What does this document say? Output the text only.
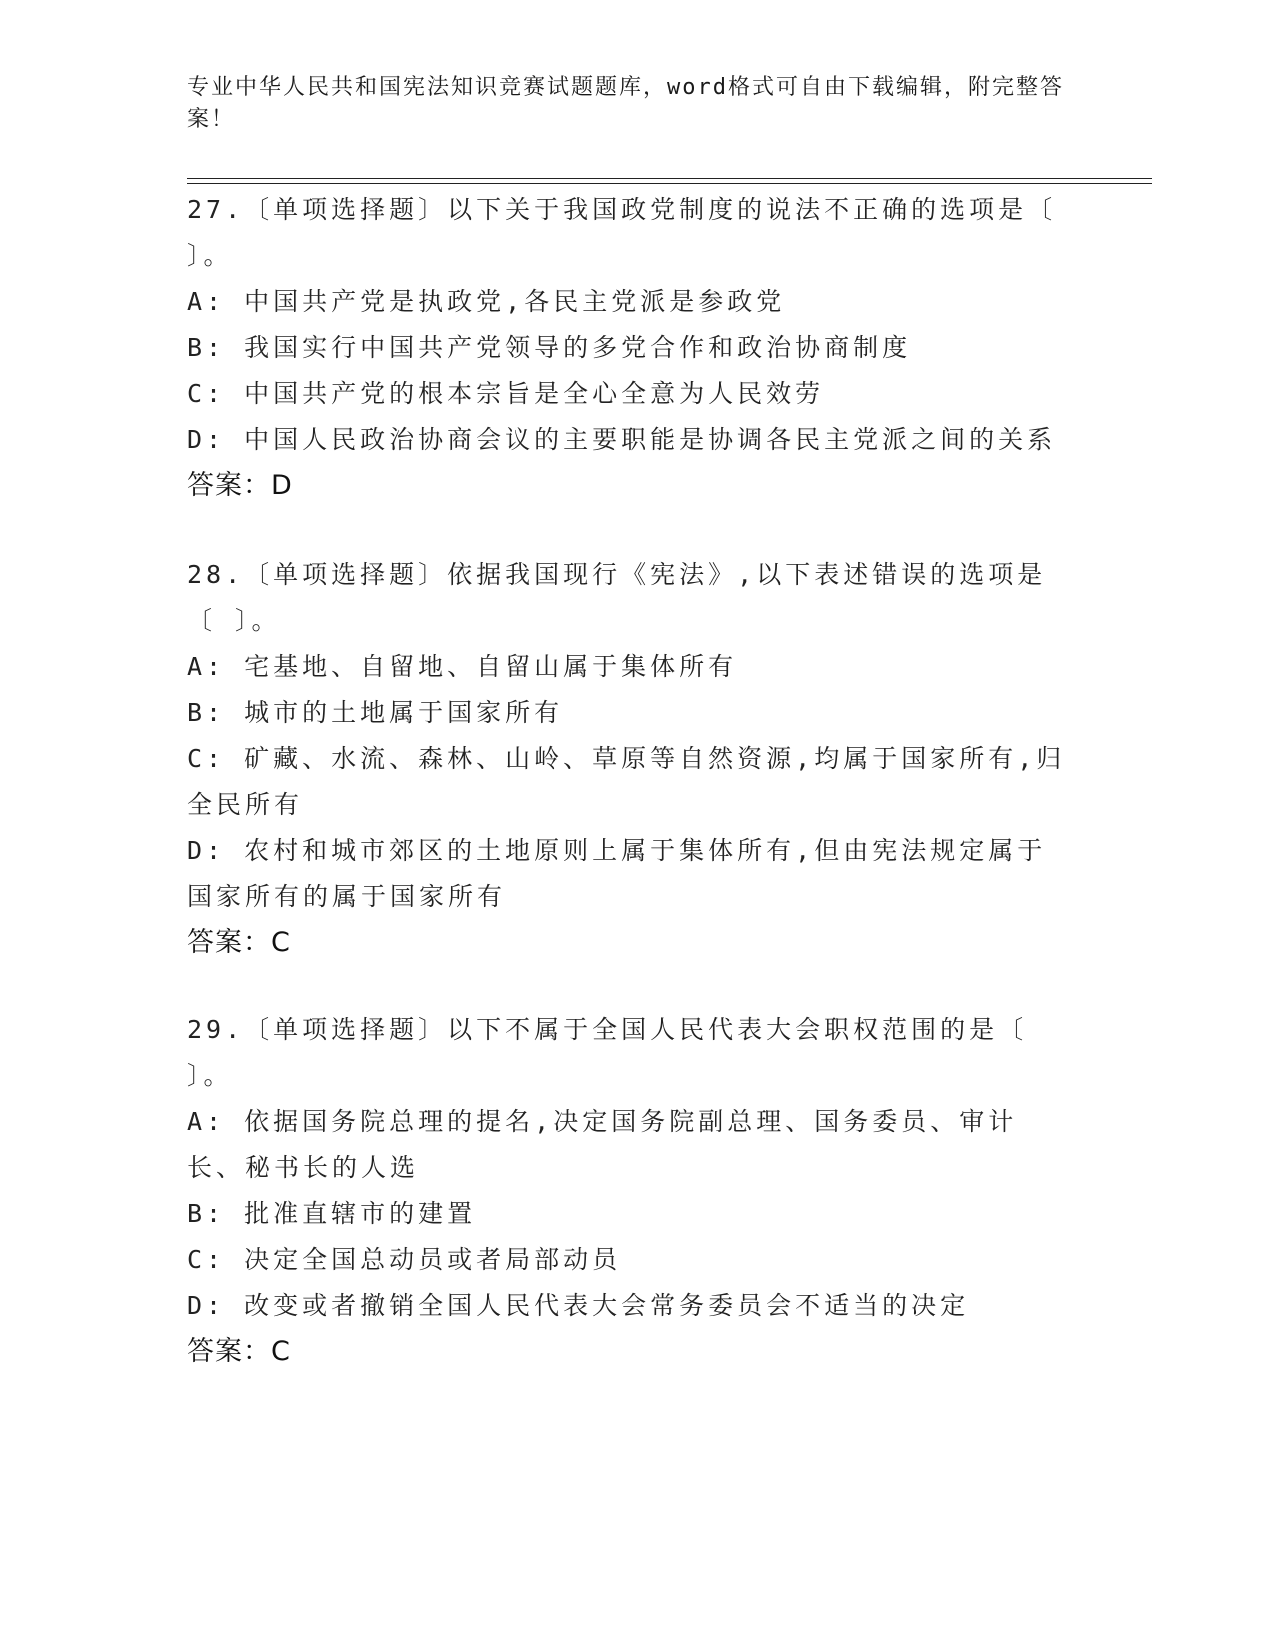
专业中华人民共和国宪法知识竞赛试题题库，word格式可自由下载编辑，附完整答案！
27.〔单项选择题〕以下关于我国政党制度的说法不正确的选项是〔 〕。
A: 中国共产党是执政党,各民主党派是参政党
B: 我国实行中国共产党领导的多党合作和政治协商制度
C: 中国共产党的根本宗旨是全心全意为人民效劳
D: 中国人民政治协商会议的主要职能是协调各民主党派之间的关系
答案：D
28.〔单项选择题〕依据我国现行《宪法》,以下表述错误的选项是〔 〕。
A: 宅基地、自留地、自留山属于集体所有
B: 城市的土地属于国家所有
C: 矿藏、水流、森林、山岭、草原等自然资源,均属于国家所有,归全民所有
D: 农村和城市郊区的土地原则上属于集体所有,但由宪法规定属于国家所有的属于国家所有
答案：C
29.〔单项选择题〕以下不属于全国人民代表大会职权范围的是〔 〕。
A: 依据国务院总理的提名,决定国务院副总理、国务委员、审计长、秘书长的人选
B: 批准直辖市的建置
C: 决定全国总动员或者局部动员
D: 改变或者撤销全国人民代表大会常务委员会不适当的决定
答案：C
